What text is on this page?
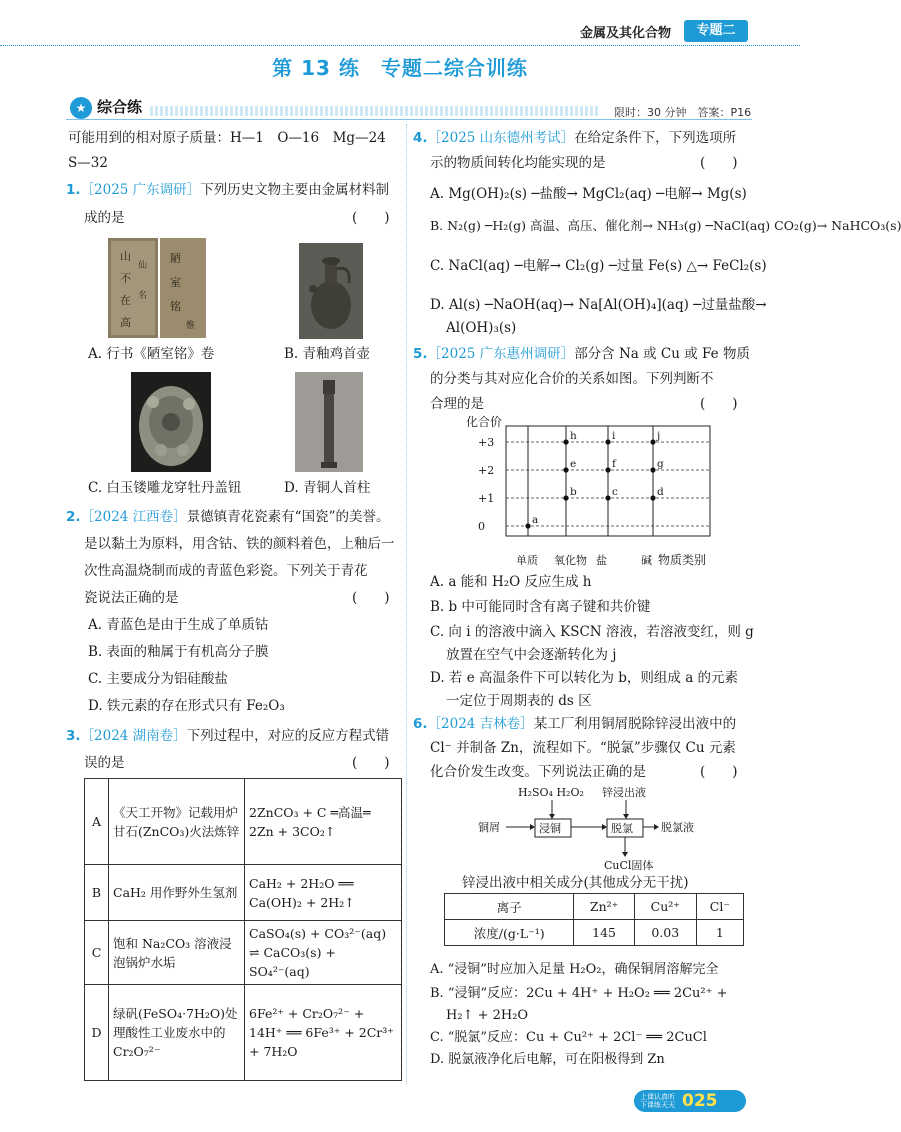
金属及其化合物	专题二
第 13 练　专题二综合训练
★ 综合练	限时：30 分钟　答案：P16
可能用到的相对原子质量：H—1　O—16　Mg—24
S—32
1.［2025 广东调研］下列历史文物主要由金属材料制
成的是	(　　)
山
不
在
高
仙
名
陋
室
铭
惟
A. 行书《陋室铭》卷	B. 青釉鸡首壶
C. 白玉镂雕龙穿牡丹盖钮	D. 青铜人首柱
2.［2024 江西卷］景德镇青花瓷素有“国瓷”的美誉。
是以黏土为原料，用含钴、铁的颜料着色，上釉后一
次性高温烧制而成的青蓝色彩瓷。下列关于青花
瓷说法正确的是	(　　)
A. 青蓝色是由于生成了单质钴
B. 表面的釉属于有机高分子膜
C. 主要成分为铝硅酸盐
D. 铁元素的存在形式只有 Fe₂O₃
3.［2024 湖南卷］下列过程中，对应的反应方程式错
误的是	(　　)
A	《天工开物》记载用炉甘石(ZnCO₃)火法炼锌	2ZnCO₃ + C ═高温═ 2Zn + 3CO₂↑
B	CaH₂ 用作野外生氢剂	CaH₂ + 2H₂O ══ Ca(OH)₂ + 2H₂↑
C	饱和 Na₂CO₃ 溶液浸泡锅炉水垢	CaSO₄(s) + CO₃²⁻(aq) ⇌ CaCO₃(s) + SO₄²⁻(aq)
D	绿矾(FeSO₄·7H₂O)处理酸性工业废水中的 Cr₂O₇²⁻	6Fe²⁺ + Cr₂O₇²⁻ + 14H⁺ ══ 6Fe³⁺ + 2Cr³⁺ + 7H₂O
4.［2025 山东德州考试］在给定条件下，下列选项所
示的物质间转化均能实现的是	(　　)
A. Mg(OH)₂(s) ─盐酸→ MgCl₂(aq) ─电解→ Mg(s)
B. N₂(g) ─H₂(g) 高温、高压、催化剂→ NH₃(g) ─NaCl(aq) CO₂(g)→ NaHCO₃(s)
C. NaCl(aq) ─电解→ Cl₂(g) ─过量 Fe(s) △→ FeCl₂(s)
D. Al(s) ─NaOH(aq)→ Na[Al(OH)₄](aq) ─过量盐酸→
Al(OH)₃(s)
5.［2025 广东惠州调研］部分含 Na 或 Cu 或 Fe 物质
的分类与其对应化合价的关系如图。下列判断不
合理的是	(　　)
化合价
物质类别
0
+1
+2
+3
单质 氧化物 盐	碱
a
b	c	d
e	f	g
h	i	j
A. a 能和 H₂O 反应生成 h
B. b 中可能同时含有离子键和共价键
C. 向 i 的溶液中滴入 KSCN 溶液，若溶液变红，则 g
放置在空气中会逐渐转化为 j
D. 若 e 高温条件下可以转化为 b，则组成 a 的元素
一定位于周期表的 ds 区
6.［2024 吉林卷］某工厂利用铜屑脱除锌浸出液中的
Cl⁻ 并制备 Zn，流程如下。“脱氯”步骤仅 Cu 元素
化合价发生改变。下列说法正确的是	(　　)
H₂SO₄ H₂O₂ 锌浸出液
铜屑	浸铜	脱氯	脱氯液
CuCl固体
锌浸出液中相关成分(其他成分无干扰)
离子	Zn²⁺	Cu²⁺	Cl⁻
浓度/(g·L⁻¹)	145	0.03	1
A. “浸铜”时应加入足量 H₂O₂，确保铜屑溶解完全
B. “浸铜”反应：2Cu + 4H⁺ + H₂O₂ ══ 2Cu²⁺ +
H₂↑ + 2H₂O
C. “脱氯”反应：Cu + Cu²⁺ + 2Cl⁻ ══ 2CuCl
D. 脱氯液净化后电解，可在阳极得到 Zn
上课认真听
下课练天天 025
